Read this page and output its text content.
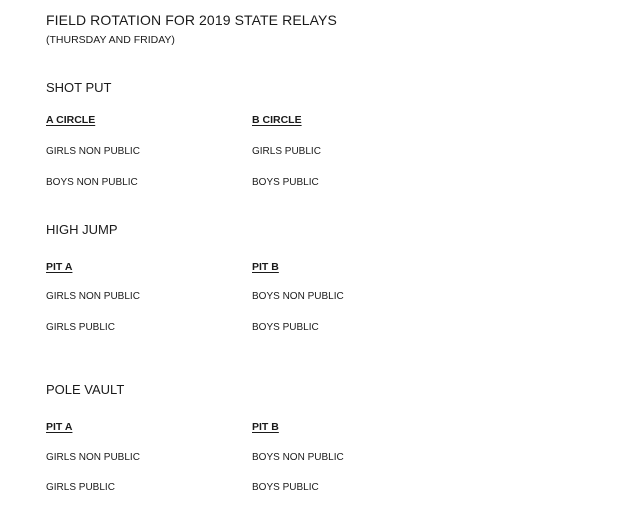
FIELD ROTATION FOR 2019 STATE RELAYS
(THURSDAY AND FRIDAY)
SHOT PUT
A CIRCLE	B CIRCLE
GIRLS NON PUBLIC	GIRLS PUBLIC
BOYS NON PUBLIC	BOYS PUBLIC
HIGH JUMP
PIT A	PIT B
GIRLS NON PUBLIC	BOYS NON PUBLIC
GIRLS PUBLIC	BOYS PUBLIC
POLE VAULT
PIT A	PIT B
GIRLS NON PUBLIC	BOYS NON PUBLIC
GIRLS PUBLIC	BOYS PUBLIC
